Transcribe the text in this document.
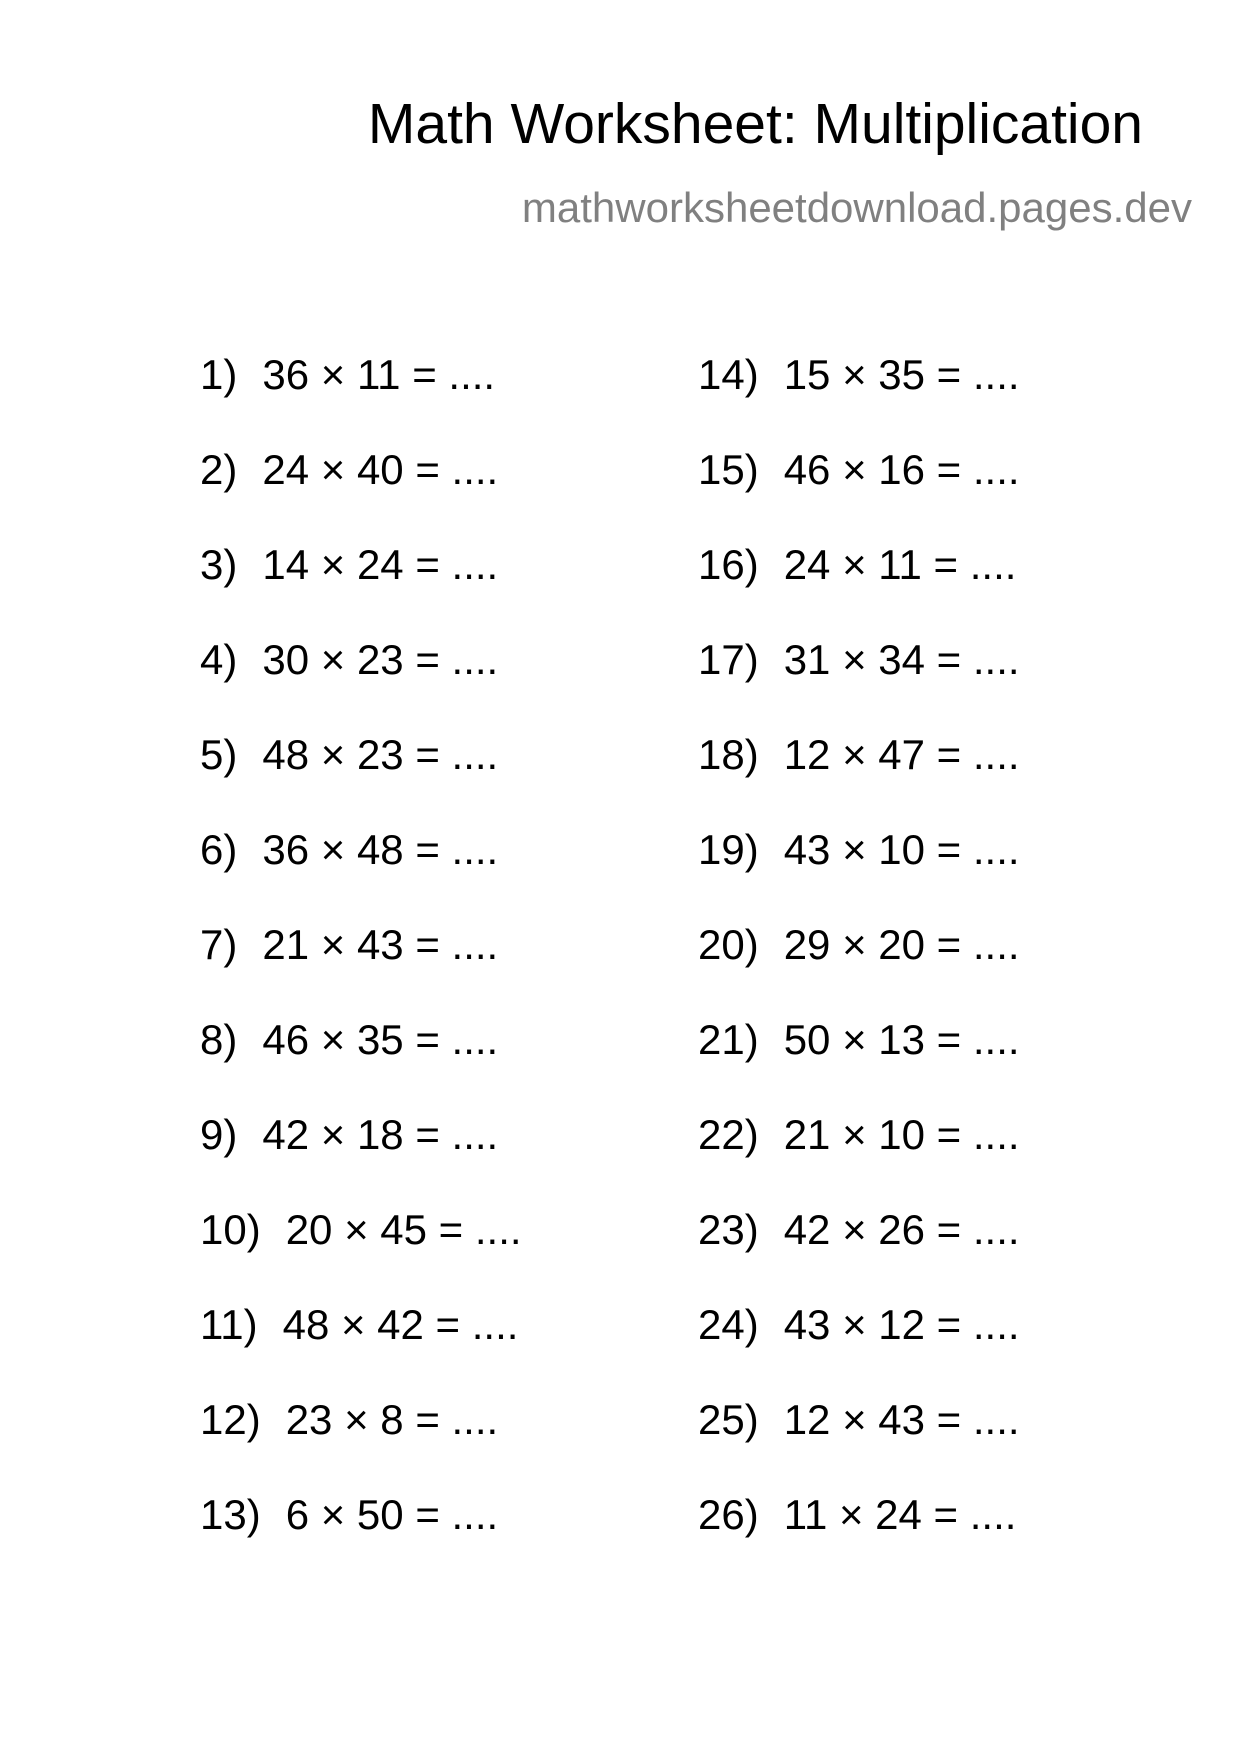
Math Worksheet: Multiplication
mathworksheetdownload.pages.dev
1) 36 × 11 = ....
2) 24 × 40 = ....
3) 14 × 24 = ....
4) 30 × 23 = ....
5) 48 × 23 = ....
6) 36 × 48 = ....
7) 21 × 43 = ....
8) 46 × 35 = ....
9) 42 × 18 = ....
10) 20 × 45 = ....
11) 48 × 42 = ....
12) 23 × 8 = ....
13) 6 × 50 = ....
14) 15 × 35 = ....
15) 46 × 16 = ....
16) 24 × 11 = ....
17) 31 × 34 = ....
18) 12 × 47 = ....
19) 43 × 10 = ....
20) 29 × 20 = ....
21) 50 × 13 = ....
22) 21 × 10 = ....
23) 42 × 26 = ....
24) 43 × 12 = ....
25) 12 × 43 = ....
26) 11 × 24 = ....
